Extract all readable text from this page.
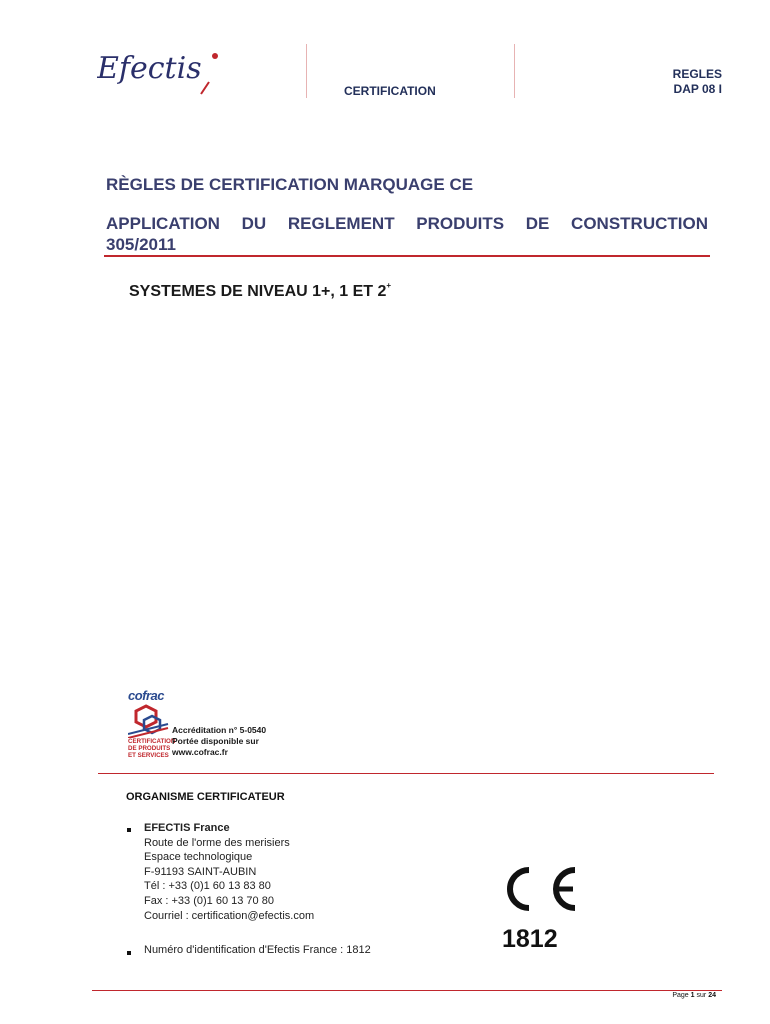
Efectis
CERTIFICATION
REGLES
DAP 08 I
RÈGLES DE CERTIFICATION MARQUAGE CE
APPLICATION DU REGLEMENT PRODUITS DE CONSTRUCTION
305/2011
SYSTEMES DE NIVEAU 1+, 1 ET 2+
cofrac
CERTIFICATION
DE PRODUITS
ET SERVICES
Accréditation n° 5-0540
Portée disponible sur
www.cofrac.fr
ORGANISME CERTIFICATEUR
EFECTIS France
Route de l'orme des merisiers
Espace technologique
F-91193 SAINT-AUBIN
Tél : +33 (0)1 60 13 83 80
Fax : +33 (0)1 60 13 70 80
Courriel : certification@efectis.com
Numéro d'identification d'Efectis France : 1812	1812
Page 1 sur 24
